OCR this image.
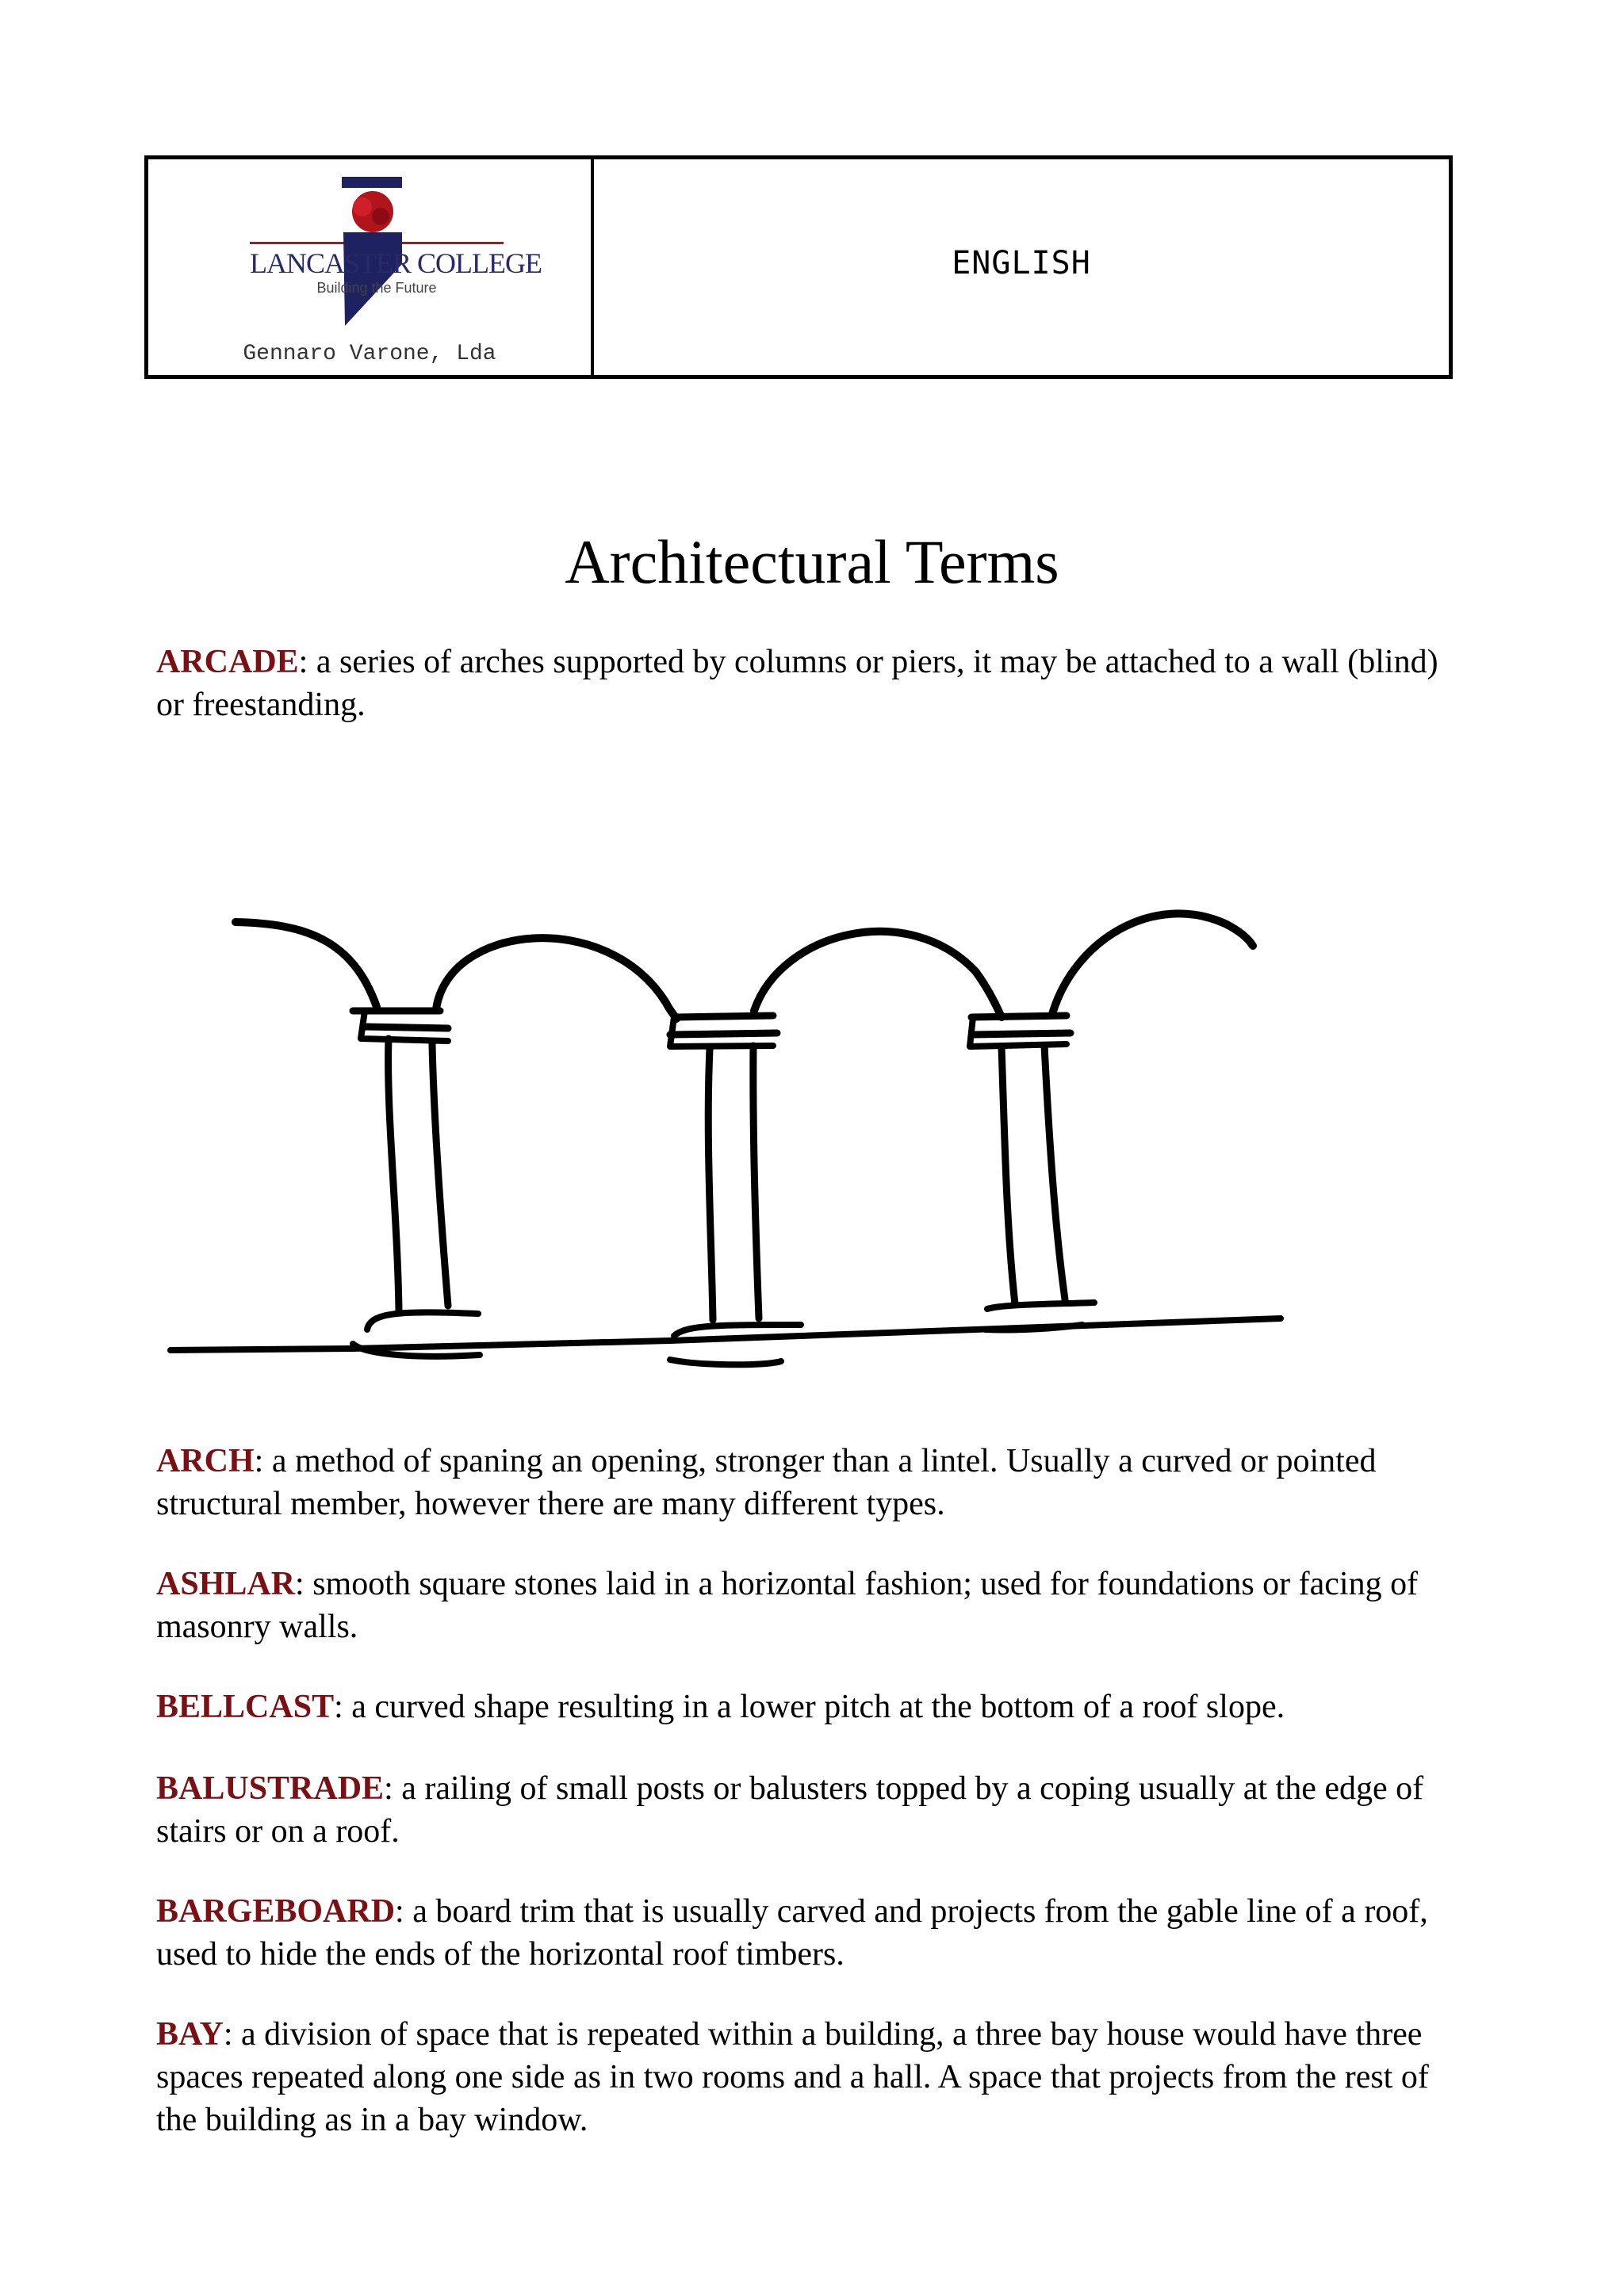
LANCASTER COLLEGE
Building the Future
Gennaro Varone, Lda
ENGLISH
Architectural Terms
ARCADE: a series of arches supported by columns or piers, it may be attached to a wall (blind) or freestanding.
ARCH: a method of spaning an opening, stronger than a lintel. Usually a curved or pointed structural member, however there are many different types.
ASHLAR: smooth square stones laid in a horizontal fashion; used for foundations or facing of masonry walls.
BELLCAST: a curved shape resulting in a lower pitch at the bottom of a roof slope.
BALUSTRADE: a railing of small posts or balusters topped by a coping usually at the edge of stairs or on a roof.
BARGEBOARD: a board trim that is usually carved and projects from the gable line of a roof, used to hide the ends of the horizontal roof timbers.
BAY: a division of space that is repeated within a building, a three bay house would have three spaces repeated along one side as in two rooms and a hall. A space that projects from the rest of the building as in a bay window.
